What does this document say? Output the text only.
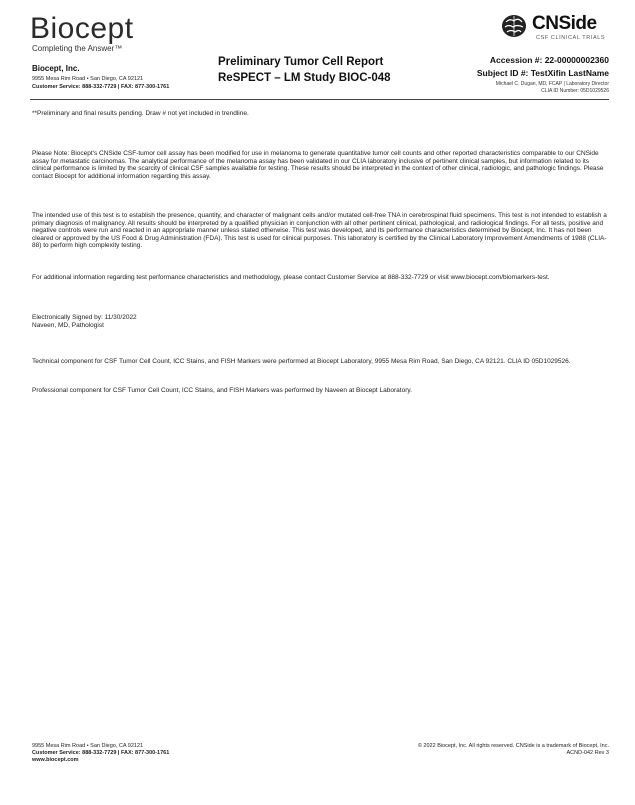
Biocept
Completing the Answer™
Biocept, Inc.
9955 Mesa Rim Road • San Diego, CA 92121
Customer Service: 888-332-7729 | FAX: 877-300-1761
Preliminary Tumor Cell Report
ReSPECT – LM Study BIOC-048
CNSide
CSF CLINICAL TRIALS
Accession #: 22-00000002360
Subject ID #: TestXifin LastName
Michael C. Dugan, MD, FCAP | Laboratory Director
CLIA ID Number: 05D1029526
**Preliminary and final results pending. Draw # not yet included in trendline.
Please Note: Biocept's CNSide CSF-tumor cell assay has been modified for use in melanoma to generate quantitative tumor cell counts and other reported characteristics comparable to our CNSide assay for metastatic carcinomas. The analytical performance of the melanoma assay has been validated in our CLIA laboratory inclusive of pertinent clinical samples, but information related to its clinical performance is limited by the scarcity of clinical CSF samples available for testing. These results should be interpreted in the context of other clinical, radiologic, and pathologic findings. Please contact Biocept for additional information regarding this assay.
The intended use of this test is to establish the presence, quantity, and character of malignant cells and/or mutated cell-free TNA in cerebrospinal fluid specimens. This test is not intended to establish a primary diagnosis of malignancy. All results should be interpreted by a qualified physician in conjunction with all other pertinent clinical, pathological, and radiological findings. For all tests, positive and negative controls were run and reacted in an appropriate manner unless stated otherwise. This test was developed, and its performance characteristics determined by Biocept, Inc. It has not been cleared or approved by the US Food & Drug Administration (FDA). This test is used for clinical purposes. This laboratory is certified by the Clinical Laboratory Improvement Amendments of 1988 (CLIA-88) to perform high complexity testing.
For additional information regarding test performance characteristics and methodology, please contact Customer Service at 888-332-7729 or visit www.biocept.com/biomarkers-test.
Electronically Signed by: 11/30/2022
Naveen, MD, Pathologist
Technical component for CSF Tumor Cell Count, ICC Stains, and FISH Markers were performed at Biocept Laboratory, 9955 Mesa Rim Road, San Diego, CA 92121. CLIA ID 05D1029526.
Professional component for CSF Tumor Cell Count, ICC Stains, and FISH Markers was performed by Naveen at Biocept Laboratory.
9955 Mesa Rim Road • San Diego, CA 92121
Customer Service: 888-332-7729 | FAX: 877-300-1761
www.biocept.com
© 2022 Biocept, Inc. All rights reserved. CNSide is a trademark of Biocept, Inc.
ACND-042 Rev 3
